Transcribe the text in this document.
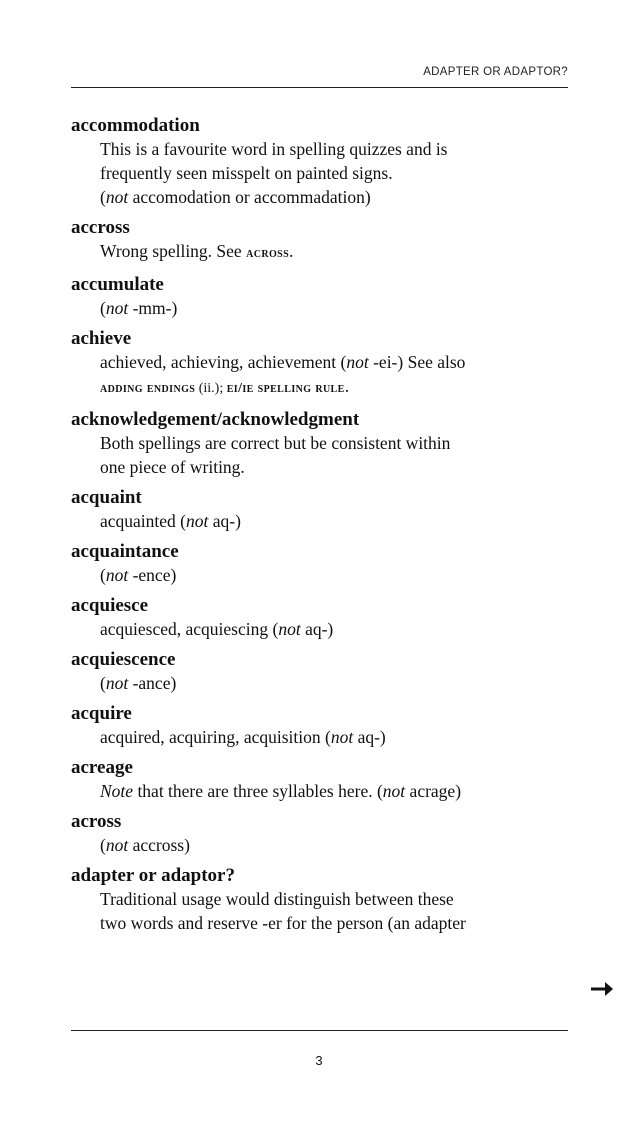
ADAPTER OR ADAPTOR?
accommodation
This is a favourite word in spelling quizzes and is
frequently seen misspelt on painted signs.
(not accomodation or accommadation)
accross
Wrong spelling. See across.
accumulate
(not -mm-)
achieve
achieved, achieving, achievement (not -ei-) See also
adding endings (ii.); ei/ie spelling rule.
acknowledgement/acknowledgment
Both spellings are correct but be consistent within
one piece of writing.
acquaint
acquainted (not aq-)
acquaintance
(not -ence)
acquiesce
acquiesced, acquiescing (not aq-)
acquiescence
(not -ance)
acquire
acquired, acquiring, acquisition (not aq-)
acreage
Note that there are three syllables here. (not acrage)
across
(not accross)
adapter or adaptor?
Traditional usage would distinguish between these
two words and reserve -er for the person (an adapter
3
